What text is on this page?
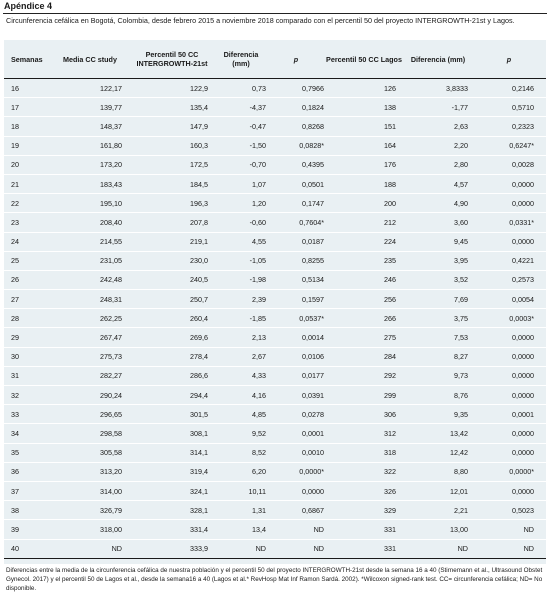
Apéndice 4
Circunferencia cefálica en Bogotá, Colombia, desde febrero 2015 a noviembre 2018 comparado con el percentil 50 del proyecto INTERGROWTH-21st y Lagos.
Semanas	Media CC study	Percentil 50 CC INTERGROWTH-21st	Diferencia (mm)	p	Percentil 50 CC Lagos	Diferencia (mm)	p
16	122,17	122,9	0,73	0,7966	126	3,8333	0,2146
17	139,77	135,4	-4,37	0,1824	138	-1,77	0,5710
18	148,37	147,9	-0,47	0,8268	151	2,63	0,2323
19	161,80	160,3	-1,50	0,0828*	164	2,20	0,6247*
20	173,20	172,5	-0,70	0,4395	176	2,80	0,0028
21	183,43	184,5	1,07	0,0501	188	4,57	0,0000
22	195,10	196,3	1,20	0,1747	200	4,90	0,0000
23	208,40	207,8	-0,60	0,7604*	212	3,60	0,0331*
24	214,55	219,1	4,55	0,0187	224	9,45	0,0000
25	231,05	230,0	-1,05	0,8255	235	3,95	0,4221
26	242,48	240,5	-1,98	0,5134	246	3,52	0,2573
27	248,31	250,7	2,39	0,1597	256	7,69	0,0054
28	262,25	260,4	-1,85	0,0537*	266	3,75	0,0003*
29	267,47	269,6	2,13	0,0014	275	7,53	0,0000
30	275,73	278,4	2,67	0,0106	284	8,27	0,0000
31	282,27	286,6	4,33	0,0177	292	9,73	0,0000
32	290,24	294,4	4,16	0,0391	299	8,76	0,0000
33	296,65	301,5	4,85	0,0278	306	9,35	0,0001
34	298,58	308,1	9,52	0,0001	312	13,42	0,0000
35	305,58	314,1	8,52	0,0010	318	12,42	0,0000
36	313,20	319,4	6,20	0,0000*	322	8,80	0,0000*
37	314,00	324,1	10,11	0,0000	326	12,01	0,0000
38	326,79	328,1	1,31	0,6867	329	2,21	0,5023
39	318,00	331,4	13,4	ND	331	13,00	ND
40	ND	333,9	ND	ND	331	ND	ND
Diferencias entre la media de la circunferencia cefálica de nuestra población y el percentil 50 del proyecto INTERGROWTH-21st desde la semana 16 a 40 (Stirnemann et al., Ultrasound Obstet Gynecol. 2017) y el percentil 50 de Lagos et al., desde la semana16 a 40 (Lagos et al.* RevHosp Mat Inf Ramon Sardá. 2002). *Wilcoxon signed-rank test. CC= circunferencia cefálica; ND= No disponible.
